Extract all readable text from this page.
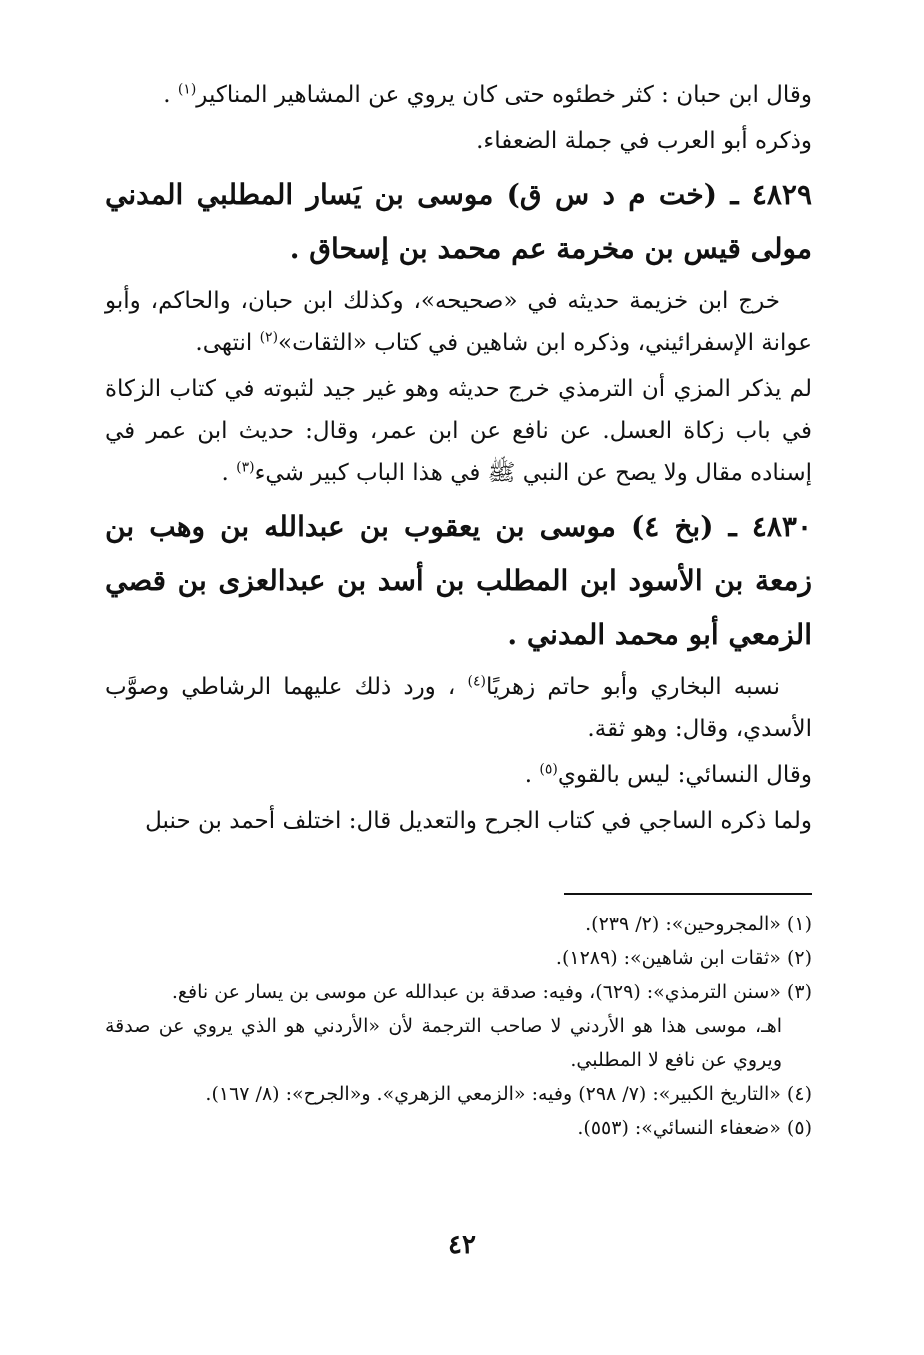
وقال ابن حبان : كثر خطئوه حتى كان يروي عن المشاهير المناكير$^{(١)}$ .

وذكره أبو العرب في جملة الضعفاء.

٤٨٢٩ ـ (خت م د س ق) موسى بن يَسار المطلبي المدني مولى قيس بن مخرمة عم محمد بن إسحاق .

خرج ابن خزيمة حديثه في «صحيحه»، وكذلك ابن حبان، والحاكم، وأبو عوانة الإسفرائيني، وذكره ابن شاهين في كتاب «الثقات»$^{(٢)}$ انتهى.

لم يذكر المزي أن الترمذي خرج حديثه وهو غير جيد لثبوته في كتاب الزكاة في باب زكاة العسل. عن نافع عن ابن عمر، وقال: حديث ابن عمر في إسناده مقال ولا يصح عن النبي ﷺ في هذا الباب كبير شيء$^{(٣)}$ .

٤٨٣٠ ـ (بخ ٤) موسى بن يعقوب بن عبدالله بن وهب بن زمعة بن الأسود ابن المطلب بن أسد بن عبدالعزى بن قصي الزمعي أبو محمد المدني .

نسبه البخاري وأبو حاتم زهريًا$^{(٤)}$ ، ورد ذلك عليهما الرشاطي وصوَّب الأسدي، وقال: وهو ثقة.

وقال النسائي: ليس بالقوي$^{(٥)}$ .

ولما ذكره الساجي في كتاب الجرح والتعديل قال: اختلف أحمد بن حنبل

(١) «المجروحين»: (٢/ ٢٣٩).

(٢) «ثقات ابن شاهين»: (١٢٨٩).

(٣) «سنن الترمذي»: (٦٢٩)، وفيه: صدقة بن عبدالله عن موسى بن يسار عن نافع.

اهـ، موسى هذا هو الأردني لا صاحب الترجمة لأن «الأردني هو الذي يروي عن صدقة ويروي عن نافع لا المطلبي.

(٤) «التاريخ الكبير»: (٧/ ٢٩٨) وفيه: «الزمعي الزهري». و«الجرح»: (٨/ ١٦٧).

(٥) «ضعفاء النسائي»: (٥٥٣).

٤٢
